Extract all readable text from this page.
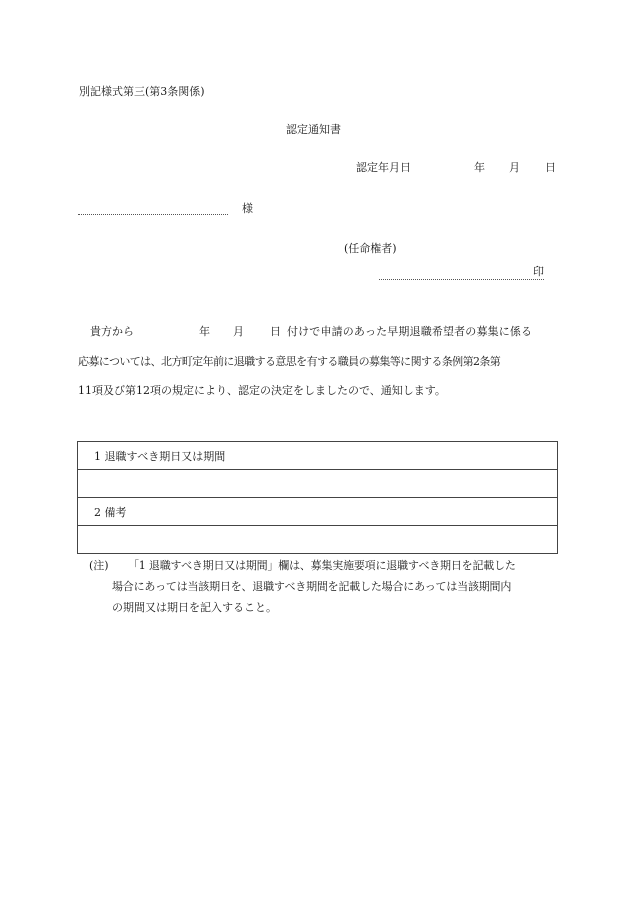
別記様式第三(第3条関係)
認定通知書
認定年月日	年 月 日
様
(任命権者)
印
貴方から	年 月 日 付けで申請のあった早期退職希望者の募集に係る
応募については、北方町定年前に退職する意思を有する職員の募集等に関する条例第2条第
11項及び第12項の規定により、認定の決定をしましたので、通知します。
1 退職すべき期日又は期間

2 備考

(注) 「1 退職すべき期日又は期間」欄は、募集実施要項に退職すべき期日を記載した
場合にあっては当該期日を、退職すべき期間を記載した場合にあっては当該期間内
の期間又は期日を記入すること。
